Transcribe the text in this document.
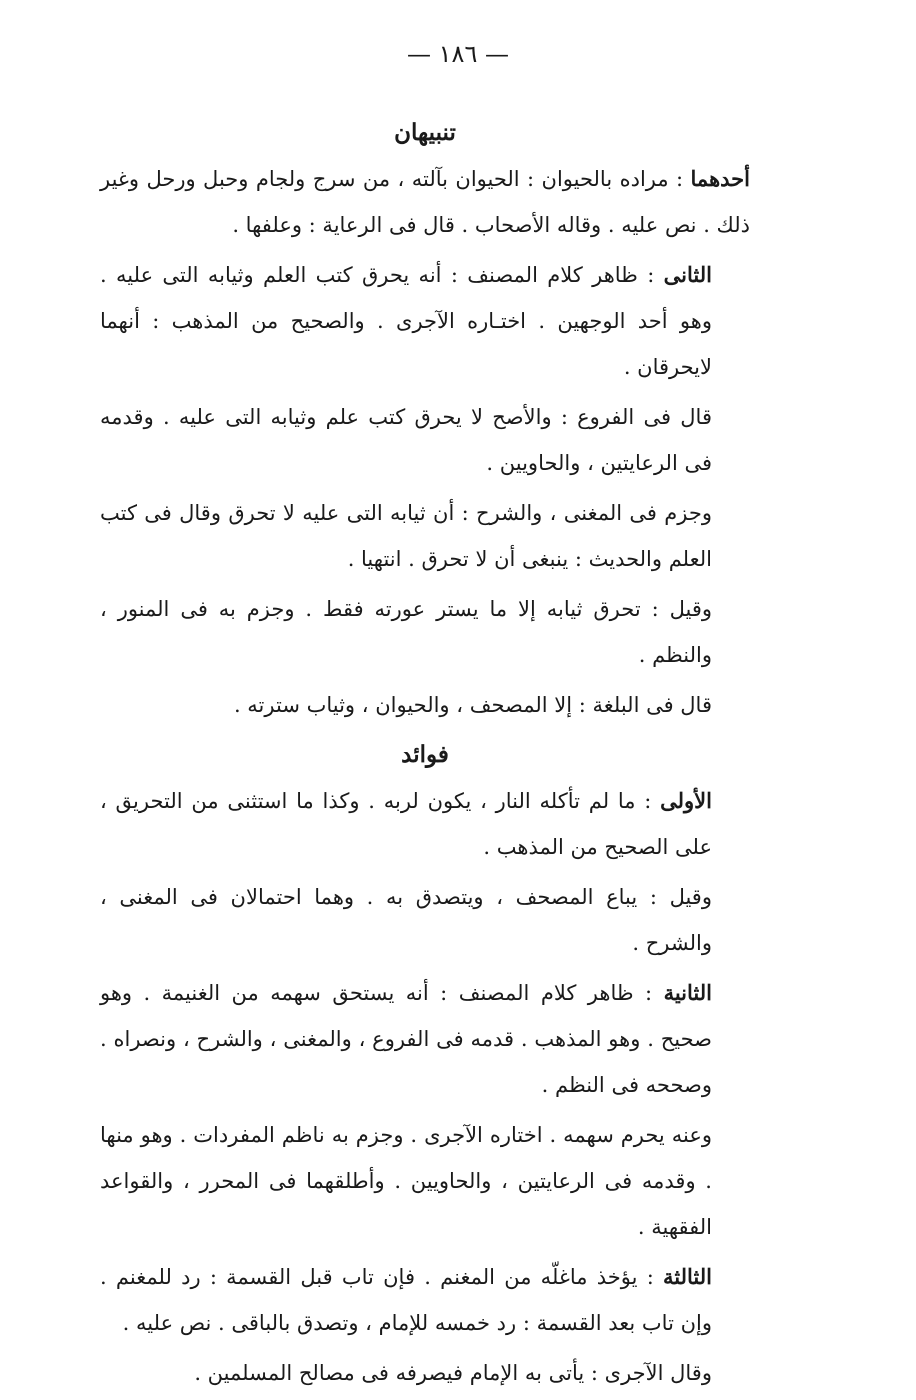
— ١٨٦ —
تنبيهان

أحدهما : مراده بالحيوان : الحيوان بآلته ، من سرج ولجام وحبل ورحل وغير ذلك . نص عليه . وقاله الأصحاب . قال فى الرعاية : وعلفها .

الثانى : ظاهر كلام المصنف : أنه يحرق كتب العلم وثيابه التى عليه . وهو أحد الوجهين . اختـاره الآجرى . والصحيح من المذهب : أنهما لايحرقان .

قال فى الفروع : والأصح لا يحرق كتب علم وثيابه التى عليه . وقدمه فى الرعايتين ، والحاويين .

وجزم فى المغنى ، والشرح : أن ثيابه التى عليه لا تحرق وقال فى كتب العلم والحديث : ينبغى أن لا تحرق . انتهيا .

وقيل : تحرق ثيابه إلا ما يستر عورته فقط . وجزم به فى المنور ، والنظم .

قال فى البلغة : إلا المصحف ، والحيوان ، وثياب سترته .

فوائد

الأولى : ما لم تأكله النار ، يكون لربه . وكذا ما استثنى من التحريق ، على الصحيح من المذهب .

وقيل : يباع المصحف ، ويتصدق به . وهما احتمالان فى المغنى ، والشرح .

الثانية : ظاهر كلام المصنف : أنه يستحق سهمه من الغنيمة . وهو صحيح . وهو المذهب . قدمه فى الفروع ، والمغنى ، والشرح ، ونصراه . وصححه فى النظم .

وعنه يحرم سهمه . اختاره الآجرى . وجزم به ناظم المفردات . وهو منها . وقدمه فى الرعايتين ، والحاويين . وأطلقهما فى المحرر ، والقواعد الفقهية .

الثالثة : يؤخذ ماغلّه من المغنم . فإن تاب قبل القسمة : رد للمغنم . وإن تاب بعد القسمة : رد خمسه للإمام ، وتصدق بالباقى . نص عليه .

وقال الآجرى : يأتى به الإمام فيصرفه فى مصالح المسلمين .
